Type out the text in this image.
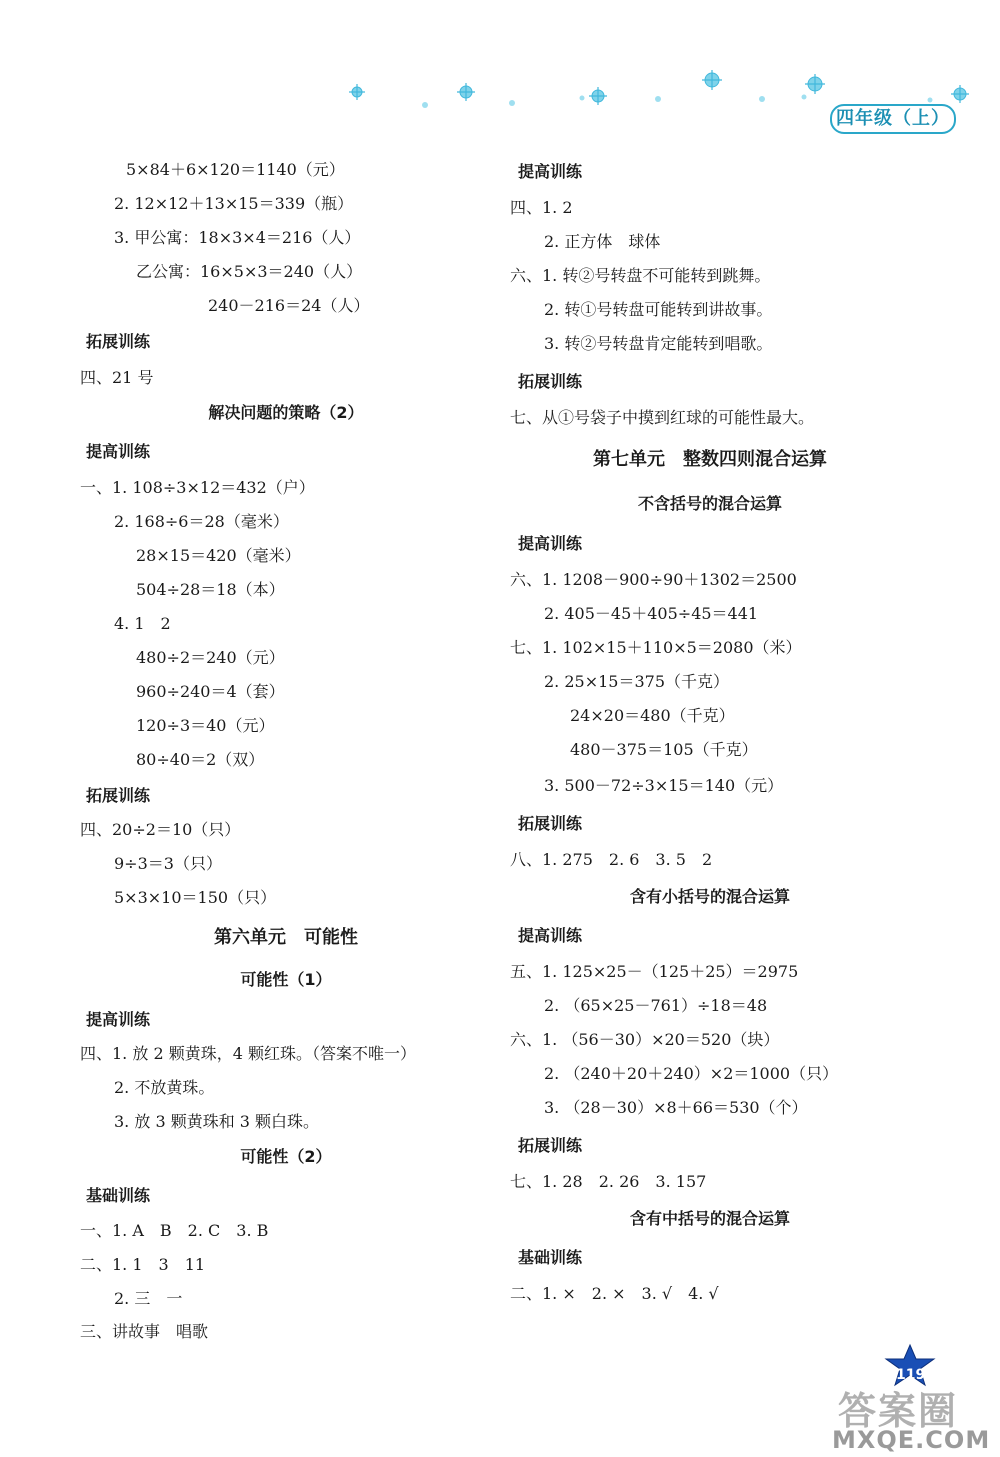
四年级（上）
5×84＋6×120＝1140（元）
2. 12×12＋13×15＝339（瓶）
3. 甲公寓：18×3×4＝216（人）
乙公寓：16×5×3＝240（人）
240－216＝24（人）
拓展训练
四、21 号
解决问题的策略（2）
提高训练
一、1. 108÷3×12＝432（户）
2. 168÷6＝28（毫米）
28×15＝420（毫米）
504÷28＝18（本）
4. 1　2
480÷2＝240（元）
960÷240＝4（套）
120÷3＝40（元）
80÷40＝2（双）
拓展训练
四、20÷2＝10（只）
9÷3＝3（只）
5×3×10＝150（只）
第六单元　可能性
可能性（1）
提高训练
四、1. 放 2 颗黄珠，4 颗红珠。（答案不唯一）
2. 不放黄珠。
3. 放 3 颗黄珠和 3 颗白珠。
可能性（2）
基础训练
一、1. A　B　2. C　3. B
二、1. 1　3　11
2. 三　一
三、讲故事　唱歌
提高训练
四、1. 2
2. 正方体　球体
六、1. 转②号转盘不可能转到跳舞。
2. 转①号转盘可能转到讲故事。
3. 转②号转盘肯定能转到唱歌。
拓展训练
七、从①号袋子中摸到红球的可能性最大。
第七单元　整数四则混合运算
不含括号的混合运算
提高训练
六、1. 1208－900÷90＋1302＝2500
2. 405－45＋405÷45＝441
七、1. 102×15＋110×5＝2080（米）
2. 25×15＝375（千克）
24×20＝480（千克）
480－375＝105（千克）
3. 500－72÷3×15＝140（元）
拓展训练
八、1. 275　2. 6　3. 5　2
含有小括号的混合运算
提高训练
五、1. 125×25－（125＋25）＝2975
2. （65×25－761）÷18＝48
六、1. （56－30）×20＝520（块）
2. （240＋20＋240）×2＝1000（只）
3. （28－30）×8＋66＝530（个）
拓展训练
七、1. 28　2. 26　3. 157
含有中括号的混合运算
基础训练
二、1. ×　2. ×　3. √　4. √
119
答案圈
MXQE.COM
